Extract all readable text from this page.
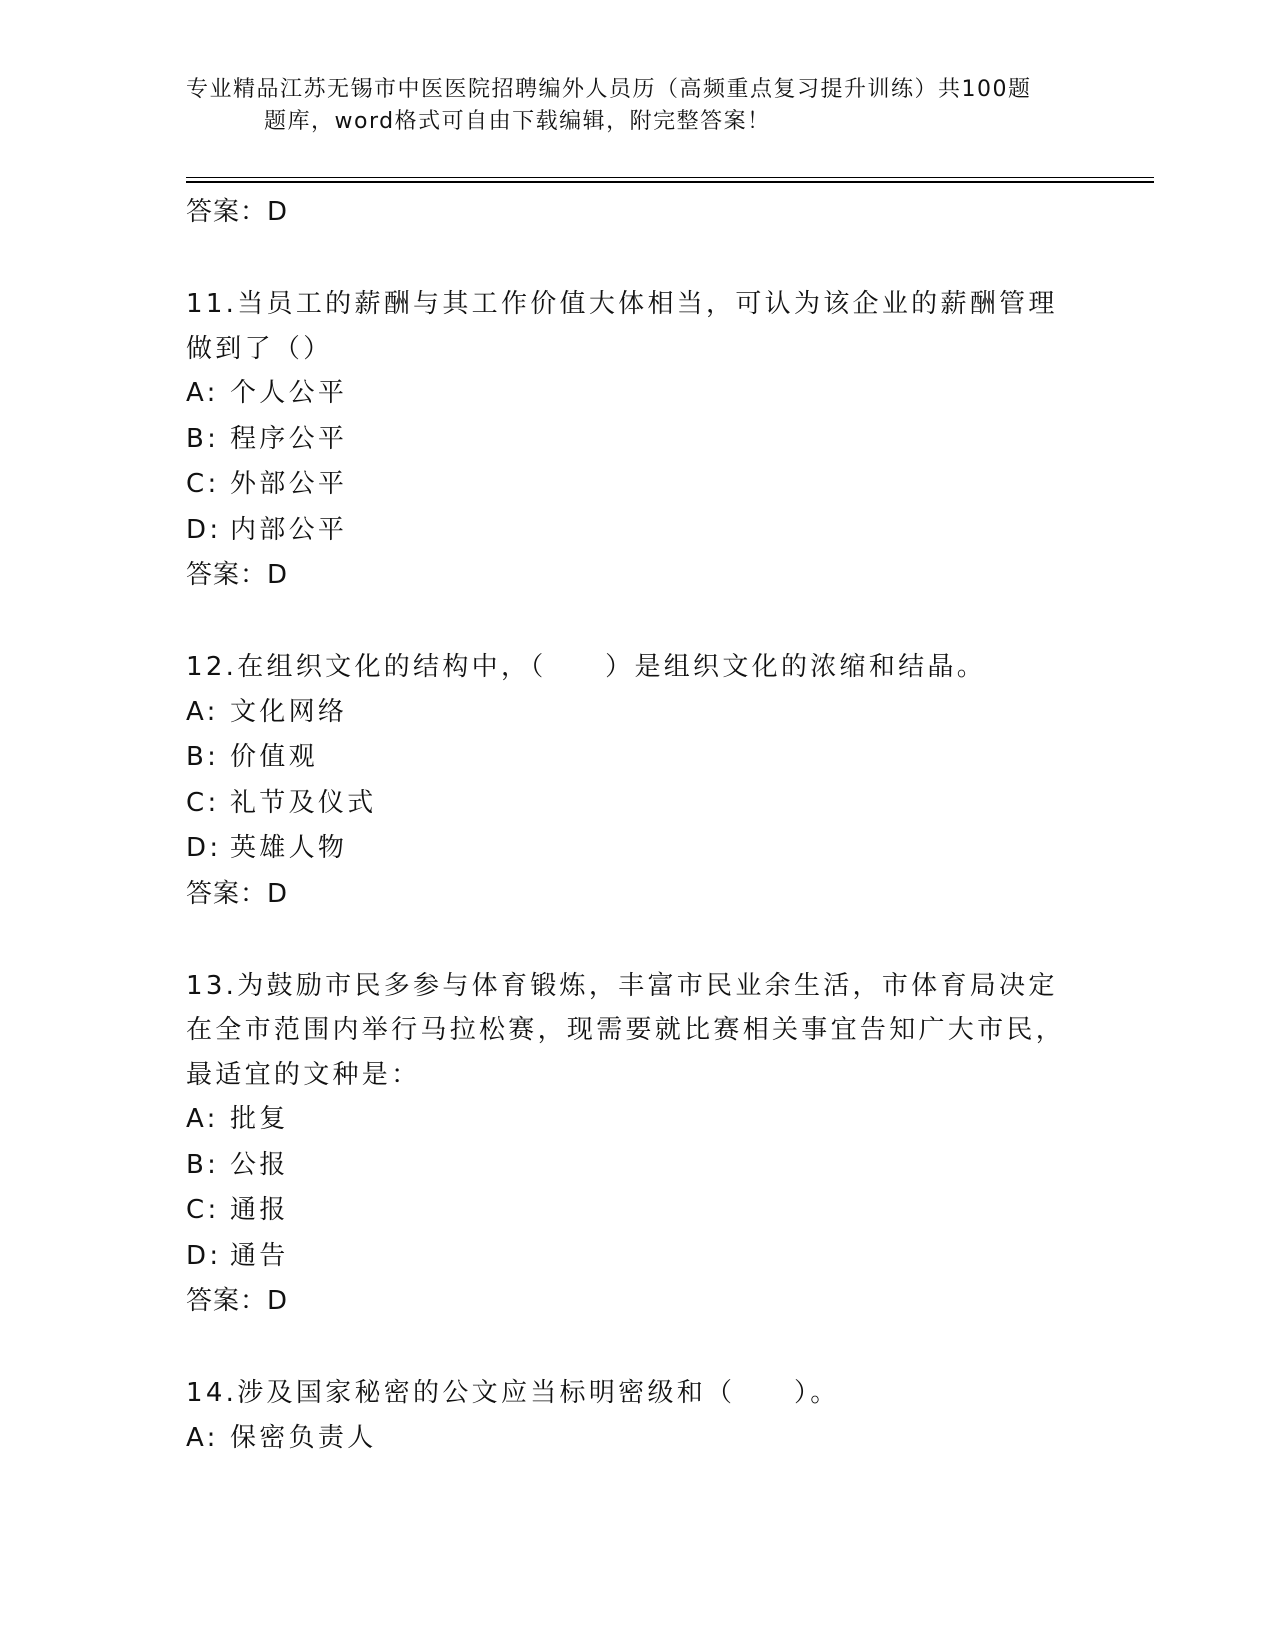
专业精品江苏无锡市中医医院招聘编外人员历（高频重点复习提升训练）共100题
题库，word格式可自由下载编辑，附完整答案！

答案：D

11.当员工的薪酬与其工作价值大体相当，可认为该企业的薪酬管理做到了（）

A: 个人公平

B: 程序公平

C: 外部公平

D: 内部公平

答案：D

12.在组织文化的结构中，（　　）是组织文化的浓缩和结晶。

A: 文化网络

B: 价值观

C: 礼节及仪式

D: 英雄人物

答案：D

13.为鼓励市民多参与体育锻炼，丰富市民业余生活，市体育局决定在全市范围内举行马拉松赛，现需要就比赛相关事宜告知广大市民，最适宜的文种是：

A: 批复

B: 公报

C: 通报

D: 通告

答案：D

14.涉及国家秘密的公文应当标明密级和（　　）。

A: 保密负责人
